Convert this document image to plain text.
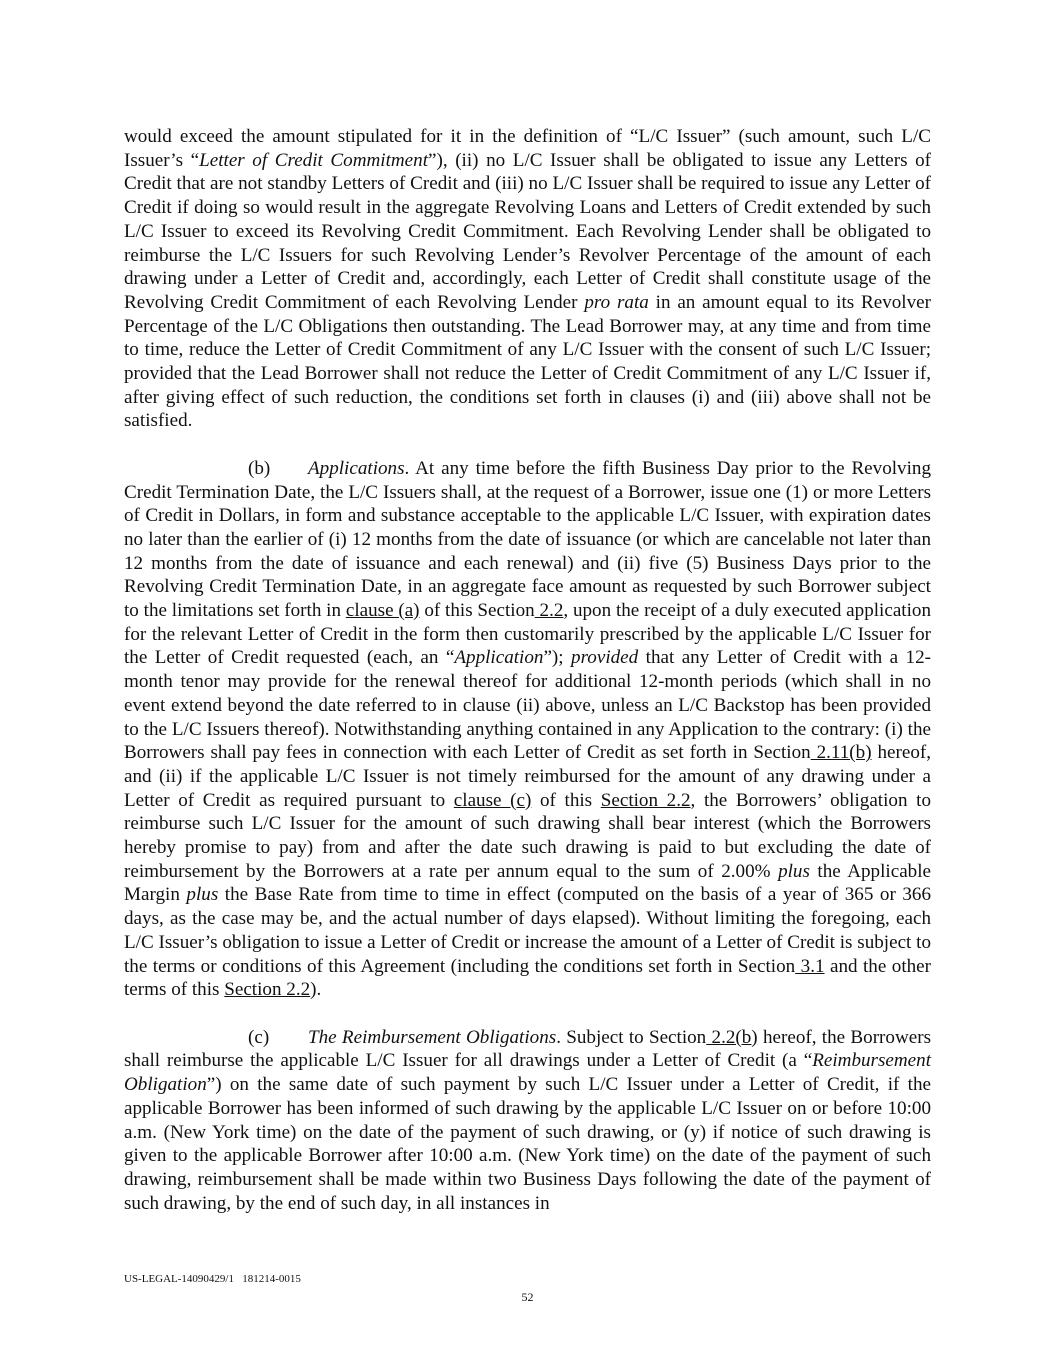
would exceed the amount stipulated for it in the definition of “L/C Issuer” (such amount, such L/C Issuer’s “Letter of Credit Commitment”), (ii) no L/C Issuer shall be obligated to issue any Letters of Credit that are not standby Letters of Credit and (iii) no L/C Issuer shall be required to issue any Letter of Credit if doing so would result in the aggregate Revolving Loans and Letters of Credit extended by such L/C Issuer to exceed its Revolving Credit Commitment. Each Revolving Lender shall be obligated to reimburse the L/C Issuers for such Revolving Lender’s Revolver Percentage of the amount of each drawing under a Letter of Credit and, accordingly, each Letter of Credit shall constitute usage of the Revolving Credit Commitment of each Revolving Lender pro rata in an amount equal to its Revolver Percentage of the L/C Obligations then outstanding. The Lead Borrower may, at any time and from time to time, reduce the Letter of Credit Commitment of any L/C Issuer with the consent of such L/C Issuer; provided that the Lead Borrower shall not reduce the Letter of Credit Commitment of any L/C Issuer if, after giving effect of such reduction, the conditions set forth in clauses (i) and (iii) above shall not be satisfied.

(b) Applications. At any time before the fifth Business Day prior to the Revolving Credit Termination Date, the L/C Issuers shall, at the request of a Borrower, issue one (1) or more Letters of Credit in Dollars, in form and substance acceptable to the applicable L/C Issuer, with expiration dates no later than the earlier of (i) 12 months from the date of issuance (or which are cancelable not later than 12 months from the date of issuance and each renewal) and (ii) five (5) Business Days prior to the Revolving Credit Termination Date, in an aggregate face amount as requested by such Borrower subject to the limitations set forth in clause (a) of this Section 2.2, upon the receipt of a duly executed application for the relevant Letter of Credit in the form then customarily prescribed by the applicable L/C Issuer for the Letter of Credit requested (each, an “Application”); provided that any Letter of Credit with a 12-month tenor may provide for the renewal thereof for additional 12-month periods (which shall in no event extend beyond the date referred to in clause (ii) above, unless an L/C Backstop has been provided to the L/C Issuers thereof). Notwithstanding anything contained in any Application to the contrary: (i) the Borrowers shall pay fees in connection with each Letter of Credit as set forth in Section 2.11(b) hereof, and (ii) if the applicable L/C Issuer is not timely reimbursed for the amount of any drawing under a Letter of Credit as required pursuant to clause (c) of this Section 2.2, the Borrowers’ obligation to reimburse such L/C Issuer for the amount of such drawing shall bear interest (which the Borrowers hereby promise to pay) from and after the date such drawing is paid to but excluding the date of reimbursement by the Borrowers at a rate per annum equal to the sum of 2.00% plus the Applicable Margin plus the Base Rate from time to time in effect (computed on the basis of a year of 365 or 366 days, as the case may be, and the actual number of days elapsed). Without limiting the foregoing, each L/C Issuer’s obligation to issue a Letter of Credit or increase the amount of a Letter of Credit is subject to the terms or conditions of this Agreement (including the conditions set forth in Section 3.1 and the other terms of this Section 2.2).

(c) The Reimbursement Obligations. Subject to Section 2.2(b) hereof, the Borrowers shall reimburse the applicable L/C Issuer for all drawings under a Letter of Credit (a “Reimbursement Obligation”) on the same date of such payment by such L/C Issuer under a Letter of Credit, if the applicable Borrower has been informed of such drawing by the applicable L/C Issuer on or before 10:00 a.m. (New York time) on the date of the payment of such drawing, or (y) if notice of such drawing is given to the applicable Borrower after 10:00 a.m. (New York time) on the date of the payment of such drawing, reimbursement shall be made within two Business Days following the date of the payment of such drawing, by the end of such day, in all instances in

US-LEGAL-14090429/1   181214-0015
52
